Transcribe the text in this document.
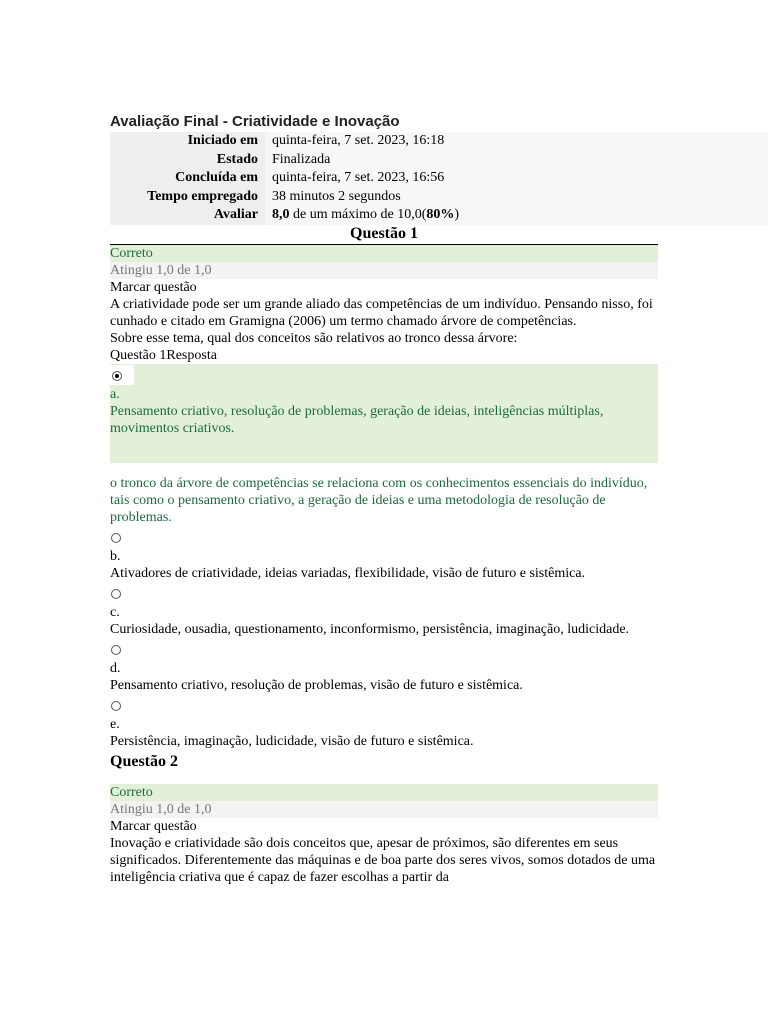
Avaliação Final - Criatividade e Inovação
Iniciado em	quinta-feira, 7 set. 2023, 16:18
Estado	Finalizada
Concluída em	quinta-feira, 7 set. 2023, 16:56
Tempo empregado	38 minutos 2 segundos
Avaliar	8,0 de um máximo de 10,0(80%)
Questão 1
Correto
Atingiu 1,0 de 1,0
Marcar questão
A criatividade pode ser um grande aliado das competências de um indivíduo. Pensando nisso, foi cunhado e citado em Gramigna (2006) um termo chamado árvore de competências.
Sobre esse tema, qual dos conceitos são relativos ao tronco dessa árvore:
Questão 1Resposta
a.
Pensamento criativo, resolução de problemas, geração de ideias, inteligências múltiplas, movimentos criativos.
o tronco da árvore de competências se relaciona com os conhecimentos essenciais do indivíduo, tais como o pensamento criativo, a geração de ideias e uma metodologia de resolução de problemas.
b.
Ativadores de criatividade, ideias variadas, flexibilidade, visão de futuro e sistêmica.
c.
Curiosidade, ousadia, questionamento, inconformismo, persistência, imaginação, ludicidade.
d.
Pensamento criativo, resolução de problemas, visão de futuro e sistêmica.
e.
Persistência, imaginação, ludicidade, visão de futuro e sistêmica.
Questão 2
Correto
Atingiu 1,0 de 1,0
Marcar questão
Inovação e criatividade são dois conceitos que, apesar de próximos, são diferentes em seus significados. Diferentemente das máquinas e de boa parte dos seres vivos, somos dotados de uma inteligência criativa que é capaz de fazer escolhas a partir da
